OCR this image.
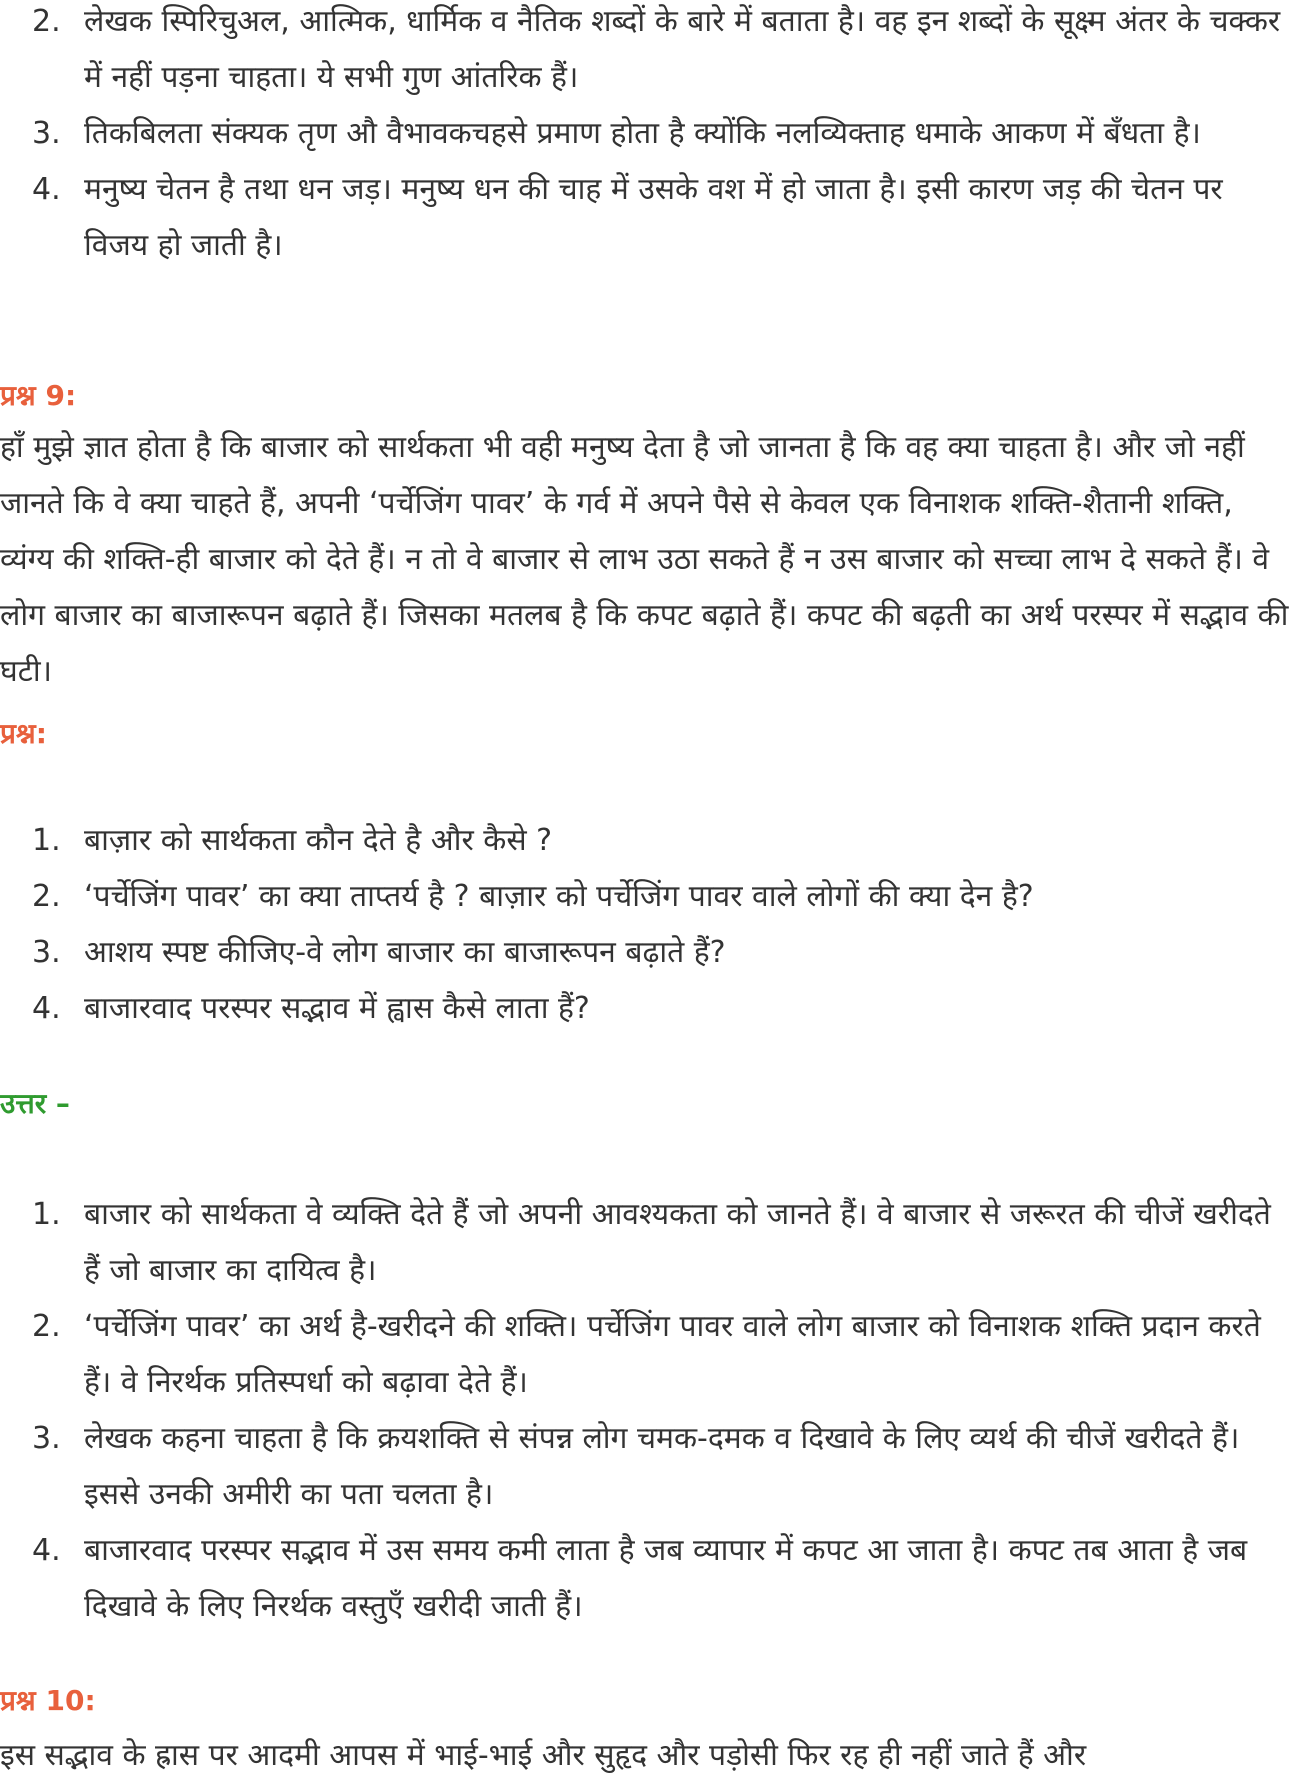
2. लेखक स्पिरिचुअल, आत्मिक, धार्मिक व नैतिक शब्दों के बारे में बताता है। वह इन शब्दों के सूक्ष्म अंतर के चक्कर में नहीं पड़ना चाहता। ये सभी गुण आंतरिक हैं।
3. तिकबिलता संक्यक तृण औ वैभावकचहसे प्रमाण होता है क्योंकि नलव्यिक्ताह धमाके आकण में बँधता है।
4. मनुष्य चेतन है तथा धन जड़। मनुष्य धन की चाह में उसके वश में हो जाता है। इसी कारण जड़ की चेतन पर विजय हो जाती है।
प्रश्न 9:

हाँ मुझे ज्ञात होता है कि बाजार को सार्थकता भी वही मनुष्य देता है जो जानता है कि वह क्या चाहता है। और जो नहीं जानते कि वे क्या चाहते हैं, अपनी ‘पर्चेजिंग पावर’ के गर्व में अपने पैसे से केवल एक विनाशक शक्ति-शैतानी शक्ति, व्यंग्य की शक्ति-ही बाजार को देते हैं। न तो वे बाजार से लाभ उठा सकते हैं न उस बाजार को सच्चा लाभ दे सकते हैं। वे लोग बाजार का बाजारूपन बढ़ाते हैं। जिसका मतलब है कि कपट बढ़ाते हैं। कपट की बढ़ती का अर्थ परस्पर में सद्भाव की घटी।

प्रश्न:
1. बाज़ार को सार्थकता कौन देते है और कैसे ?
2. ‘पर्चेजिंग पावर’ का क्या ताप्तर्य है ? बाज़ार को पर्चेजिंग पावर वाले लोगों की क्या देन है?
3. आशय स्पष्ट कीजिए-वे लोग बाजार का बाजारूपन बढ़ाते हैं?
4. बाजारवाद परस्पर सद्भाव में ह्वास कैसे लाता हैं?
उत्तर –
1. बाजार को सार्थकता वे व्यक्ति देते हैं जो अपनी आवश्यकता को जानते हैं। वे बाजार से जरूरत की चीजें खरीदते हैं जो बाजार का दायित्व है।
2. ‘पर्चेजिंग पावर’ का अर्थ है-खरीदने की शक्ति। पर्चेजिंग पावर वाले लोग बाजार को विनाशक शक्ति प्रदान करते हैं। वे निरर्थक प्रतिस्पर्धा को बढ़ावा देते हैं।
3. लेखक कहना चाहता है कि क्रयशक्ति से संपन्न लोग चमक-दमक व दिखावे के लिए व्यर्थ की चीजें खरीदते हैं। इससे उनकी अमीरी का पता चलता है।
4. बाजारवाद परस्पर सद्भाव में उस समय कमी लाता है जब व्यापार में कपट आ जाता है। कपट तब आता है जब दिखावे के लिए निरर्थक वस्तुएँ खरीदी जाती हैं।
प्रश्न 10:

इस सद्भाव के ह्रास पर आदमी आपस में भाई-भाई और सुहृद और पड़ोसी फिर रह ही नहीं जाते हैं और
